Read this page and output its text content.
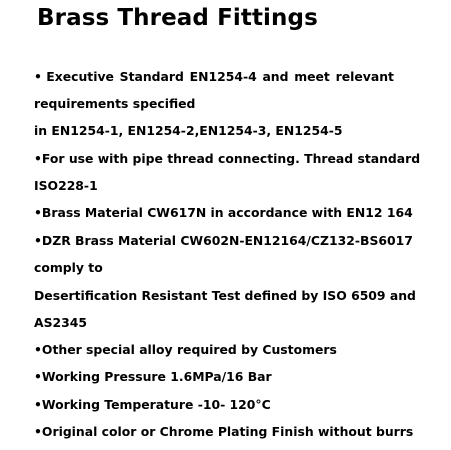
Brass Thread Fittings
• Executive Standard EN1254-4 and meet relevant

requirements specified

in EN1254-1, EN1254-2,EN1254-3, EN1254-5

•For use with pipe thread connecting. Thread standard

ISO228-1

•Brass Material CW617N in accordance with EN12 164

•DZR Brass Material CW602N-EN12164/CZ132-BS6017

comply to

Desertification Resistant Test defined by ISO 6509 and

AS2345

•Other special alloy required by Customers

•Working Pressure 1.6MPa/16 Bar

•Working Temperature -10- 120°C

•Original color or Chrome Plating Finish without burrs
